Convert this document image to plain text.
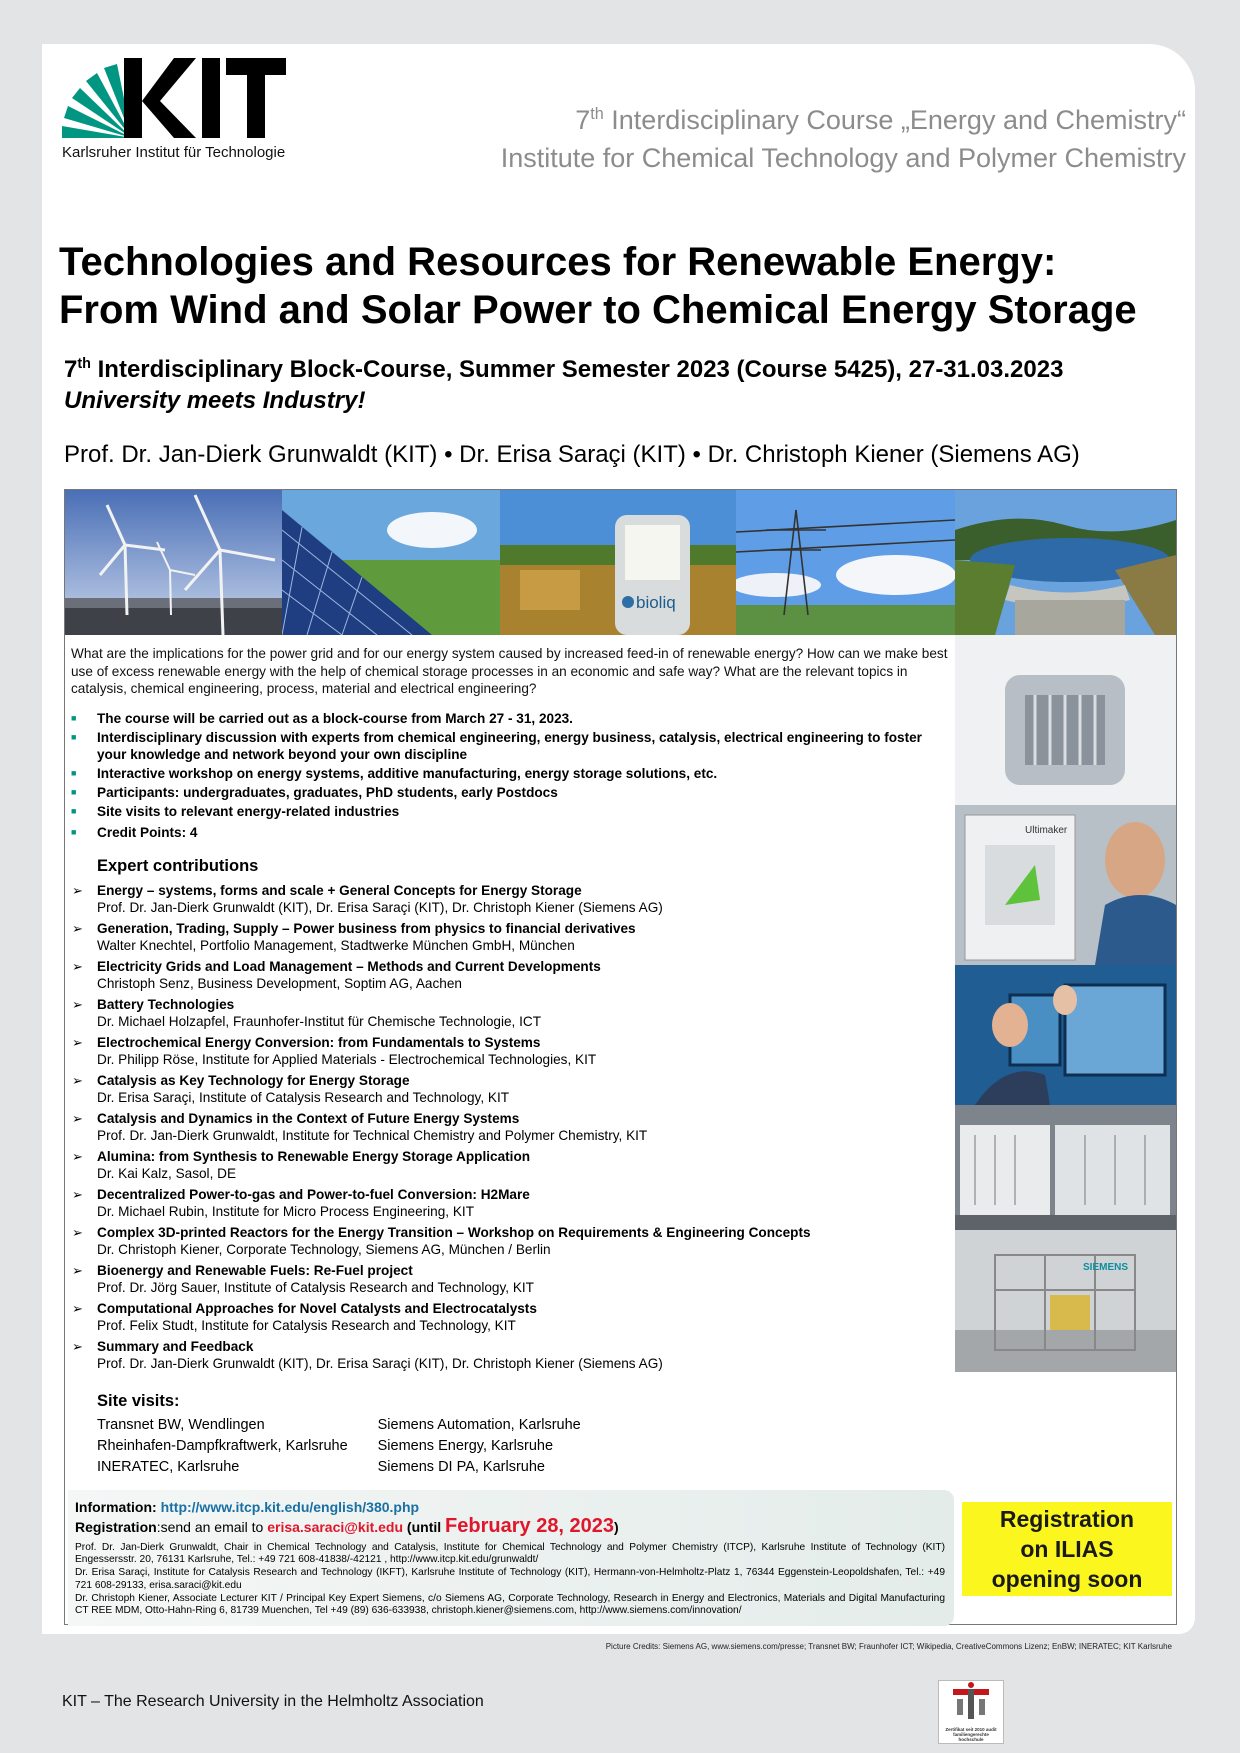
Karlsruher Institut für Technologie
7th Interdisciplinary Course „Energy and Chemistry“
Institute for Chemical Technology and Polymer Chemistry
Technologies and Resources for Renewable Energy:
From Wind and Solar Power to Chemical Energy Storage
7th Interdisciplinary Block-Course, Summer Semester 2023 (Course 5425), 27-31.03.2023
University meets Industry!
Prof. Dr. Jan-Dierk Grunwaldt (KIT) • Dr. Erisa Saraçi (KIT) • Dr. Christoph Kiener (Siemens AG)
bioliq
Ultimaker
SIEMENS

What are the implications for the power grid and for our energy system caused by increased feed-in of renewable energy? How can we make best use of excess renewable energy with the help of chemical storage processes in an economic and safe way? What are the relevant topics in catalysis, chemical engineering, process, material and electrical engineering?

■ The course will be carried out as a block-course from March 27 - 31, 2023.
■ Interdisciplinary discussion with experts from chemical engineering, energy business, catalysis, electrical engineering to foster your knowledge and network beyond your own discipline
■ Interactive workshop on energy systems, additive manufacturing, energy storage solutions, etc.
■ Participants: undergraduates, graduates, PhD students, early Postdocs
■ Site visits to relevant energy-related industries
■ Credit Points: 4
Expert contributions
➢ Energy – systems, forms and scale + General Concepts for Energy Storage
Prof. Dr. Jan-Dierk Grunwaldt (KIT), Dr. Erisa Saraçi (KIT), Dr. Christoph Kiener (Siemens AG)
➢ Generation, Trading, Supply – Power business from physics to financial derivatives
Walter Knechtel, Portfolio Management, Stadtwerke München GmbH, München
➢ Electricity Grids and Load Management – Methods and Current Developments
Christoph Senz, Business Development, Soptim AG, Aachen
➢ Battery Technologies
Dr. Michael Holzapfel, Fraunhofer-Institut für Chemische Technologie, ICT
➢ Electrochemical Energy Conversion: from Fundamentals to Systems
Dr. Philipp Röse, Institute for Applied Materials - Electrochemical Technologies, KIT
➢ Catalysis as Key Technology for Energy Storage
Dr. Erisa Saraçi, Institute of Catalysis Research and Technology, KIT
➢ Catalysis and Dynamics in the Context of Future Energy Systems
Prof. Dr. Jan-Dierk Grunwaldt, Institute for Technical Chemistry and Polymer Chemistry, KIT
➢ Alumina: from Synthesis to Renewable Energy Storage Application
Dr. Kai Kalz, Sasol, DE
➢ Decentralized Power-to-gas and Power-to-fuel Conversion: H2Mare
Dr. Michael Rubin, Institute for Micro Process Engineering, KIT
➢ Complex 3D-printed Reactors for the Energy Transition – Workshop on Requirements & Engineering Concepts
Dr. Christoph Kiener, Corporate Technology, Siemens AG, München / Berlin
➢ Bioenergy and Renewable Fuels: Re-Fuel project
Prof. Dr. Jörg Sauer, Institute of Catalysis Research and Technology, KIT
➢ Computational Approaches for Novel Catalysts and Electrocatalysts
Prof. Felix Studt, Institute for Catalysis Research and Technology, KIT
➢ Summary and Feedback
Prof. Dr. Jan-Dierk Grunwaldt (KIT), Dr. Erisa Saraçi (KIT), Dr. Christoph Kiener (Siemens AG)
Site visits:
Transnet BW, Wendlingen	Siemens Automation, Karlsruhe
Rheinhafen-Dampfkraftwerk, Karlsruhe	Siemens Energy, Karlsruhe
INERATEC, Karlsruhe	Siemens DI PA, Karlsruhe
Information: http://www.itcp.kit.edu/english/380.php
Registration:send an email to erisa.saraci@kit.edu (until February 28, 2023)
Prof. Dr. Jan-Dierk Grunwaldt, Chair in Chemical Technology and Catalysis, Institute for Chemical Technology and Polymer Chemistry (ITCP), Karlsruhe Institute of Technology (KIT) Engessersstr. 20, 76131 Karlsruhe, Tel.: +49 721 608-41838/-42121 , http://www.itcp.kit.edu/grunwaldt/
Dr. Erisa Saraçi, Institute for Catalysis Research and Technology (IKFT), Karlsruhe Institute of Technology (KIT), Hermann-von-Helmholtz-Platz 1, 76344 Eggenstein-Leopoldshafen, Tel.: +49 721 608-29133, erisa.saraci@kit.edu
Dr. Christoph Kiener, Associate Lecturer KIT / Principal Key Expert Siemens, c/o Siemens AG, Corporate Technology, Research in Energy and Electronics, Materials and Digital Manufacturing CT REE MDM, Otto-Hahn-Ring 6, 81739 Muenchen, Tel +49 (89) 636-633938, christoph.kiener@siemens.com, http://www.siemens.com/innovation/
Registration
on ILIAS
opening soon
Picture Credits: Siemens AG, www.siemens.com/presse; Transnet BW; Fraunhofer ICT; Wikipedia, CreativeCommons Lizenz; EnBW; INERATEC; KIT Karlsruhe
KIT – The Research University in the Helmholtz Association
Zertifikat seit 2010 audit familiengerechte hochschule
